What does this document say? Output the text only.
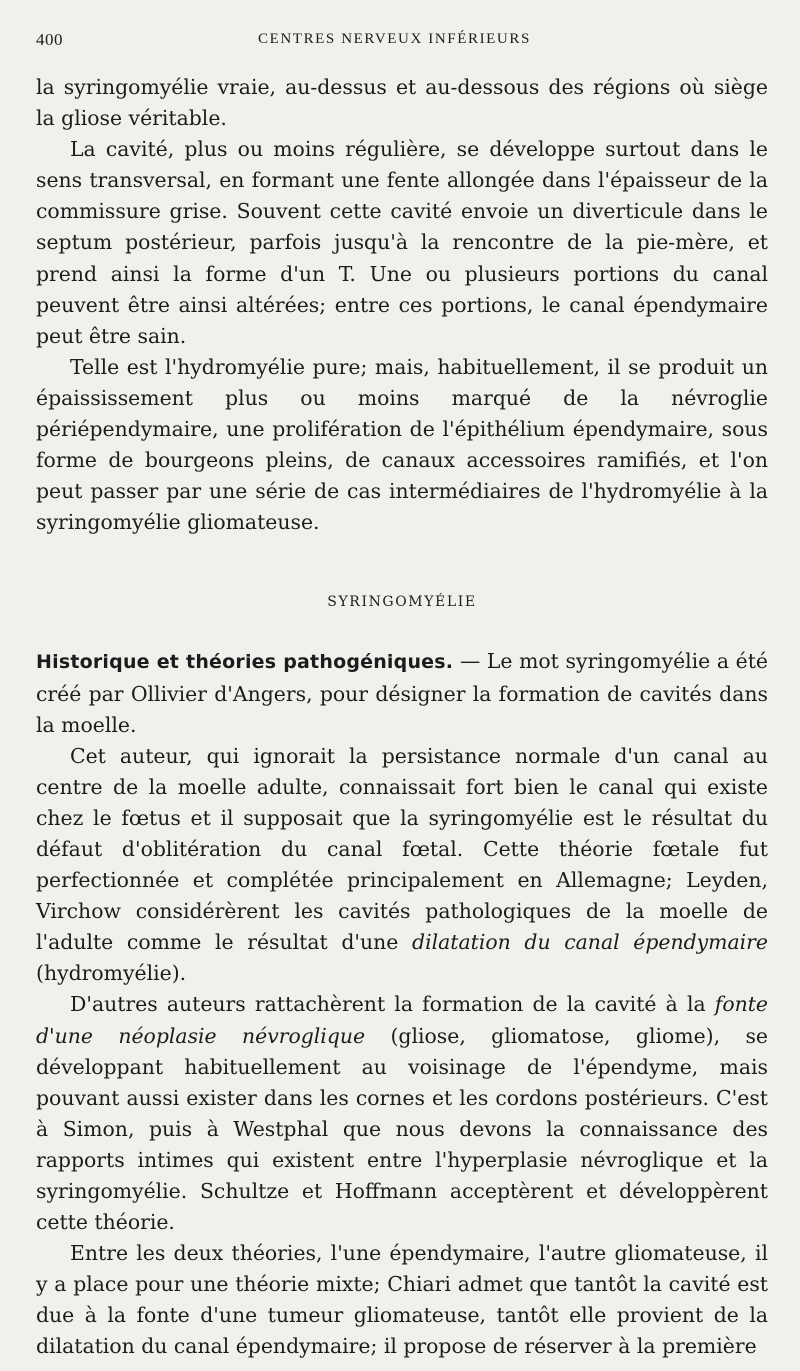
400	CENTRES NERVEUX INFÉRIEURS

la syringomyélie vraie, au-dessus et au-dessous des régions où siège la gliose véritable.

La cavité, plus ou moins régulière, se développe surtout dans le sens transversal, en formant une fente allongée dans l'épaisseur de la commissure grise. Souvent cette cavité envoie un diverticule dans le septum postérieur, parfois jusqu'à la rencontre de la pie-mère, et prend ainsi la forme d'un T. Une ou plusieurs portions du canal peuvent être ainsi altérées; entre ces portions, le canal épendymaire peut être sain.

Telle est l'hydromyélie pure; mais, habituellement, il se produit un épaississement plus ou moins marqué de la névroglie périépendymaire, une prolifération de l'épithélium épendymaire, sous forme de bourgeons pleins, de canaux accessoires ramifiés, et l'on peut passer par une série de cas intermédiaires de l'hydromyélie à la syringomyélie gliomateuse.

SYRINGOMYÉLIE

Historique et théories pathogéniques. — Le mot syringomyélie a été créé par Ollivier d'Angers, pour désigner la formation de cavités dans la moelle.

Cet auteur, qui ignorait la persistance normale d'un canal au centre de la moelle adulte, connaissait fort bien le canal qui existe chez le fœtus et il supposait que la syringomyélie est le résultat du défaut d'oblitération du canal fœtal. Cette théorie fœtale fut perfectionnée et complétée principalement en Allemagne; Leyden, Virchow considérèrent les cavités pathologiques de la moelle de l'adulte comme le résultat d'une dilatation du canal épendymaire (hydromyélie).

D'autres auteurs rattachèrent la formation de la cavité à la fonte d'une néoplasie névroglique (gliose, gliomatose, gliome), se développant habituellement au voisinage de l'épendyme, mais pouvant aussi exister dans les cornes et les cordons postérieurs. C'est à Simon, puis à Westphal que nous devons la connaissance des rapports intimes qui existent entre l'hyperplasie névroglique et la syringomyélie. Schultze et Hoffmann acceptèrent et développèrent cette théorie.

Entre les deux théories, l'une épendymaire, l'autre gliomateuse, il y a place pour une théorie mixte; Chiari admet que tantôt la cavité est due à la fonte d'une tumeur gliomateuse, tantôt elle provient de la dilatation du canal épendymaire; il propose de réserver à la première
